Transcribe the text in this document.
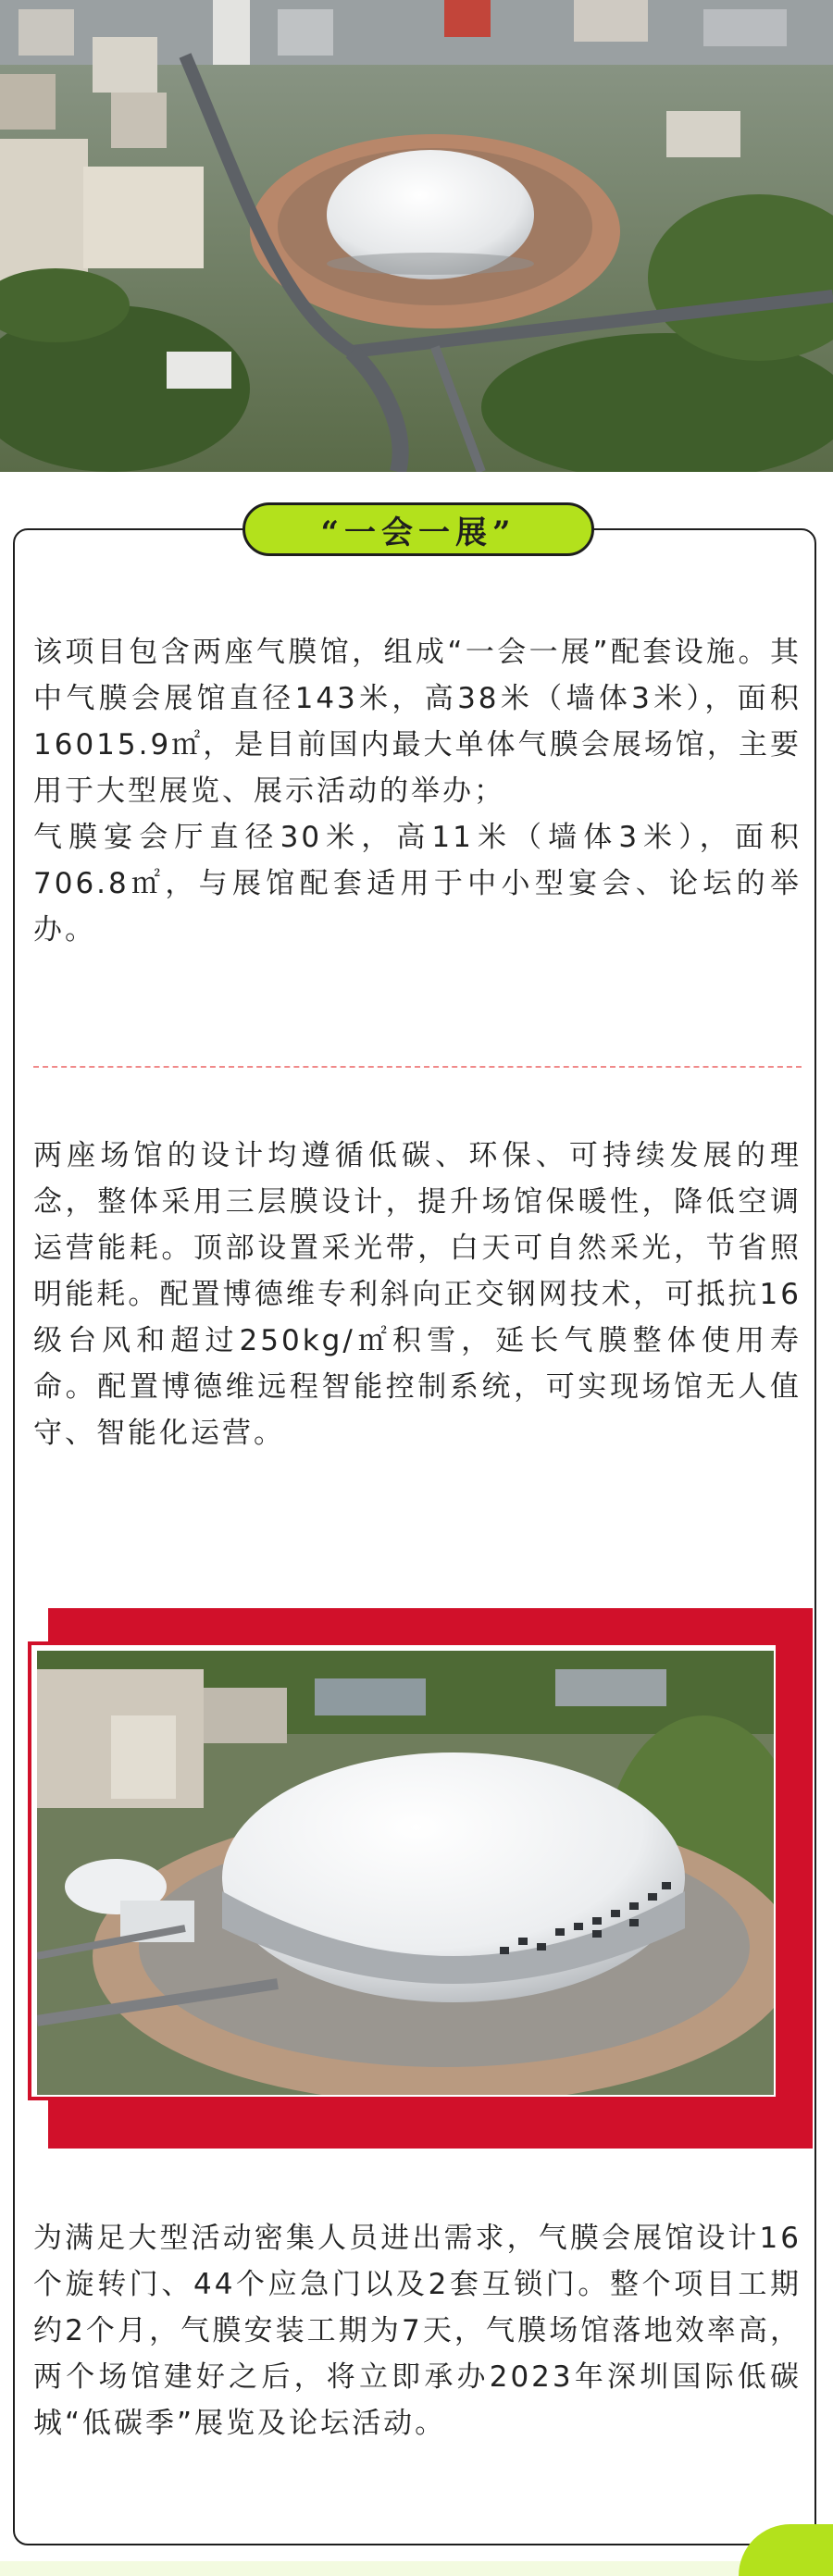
“一会一展”

该项目包含两座气膜馆，组成“一会一展”配套设施。其中气膜会展馆直径143米，高38米（墙体3米），面积16015.9㎡，是目前国内最大单体气膜会展场馆，主要用于大型展览、展示活动的举办；

气膜宴会厅直径30米，高11米（墙体3米），面积706.8㎡，与展馆配套适用于中小型宴会、论坛的举办。

两座场馆的设计均遵循低碳、环保、可持续发展的理念，整体采用三层膜设计，提升场馆保暖性，降低空调运营能耗。顶部设置采光带，白天可自然采光，节省照明能耗。配置博德维专利斜向正交钢网技术，可抵抗16级台风和超过250kg/㎡积雪，延长气膜整体使用寿命。配置博德维远程智能控制系统，可实现场馆无人值守、智能化运营。
为满足大型活动密集人员进出需求，气膜会展馆设计16个旋转门、44个应急门以及2套互锁门。整个项目工期约2个月，气膜安装工期为7天，气膜场馆落地效率高，两个场馆建好之后，将立即承办2023年深圳国际低碳城“低碳季”展览及论坛活动。
